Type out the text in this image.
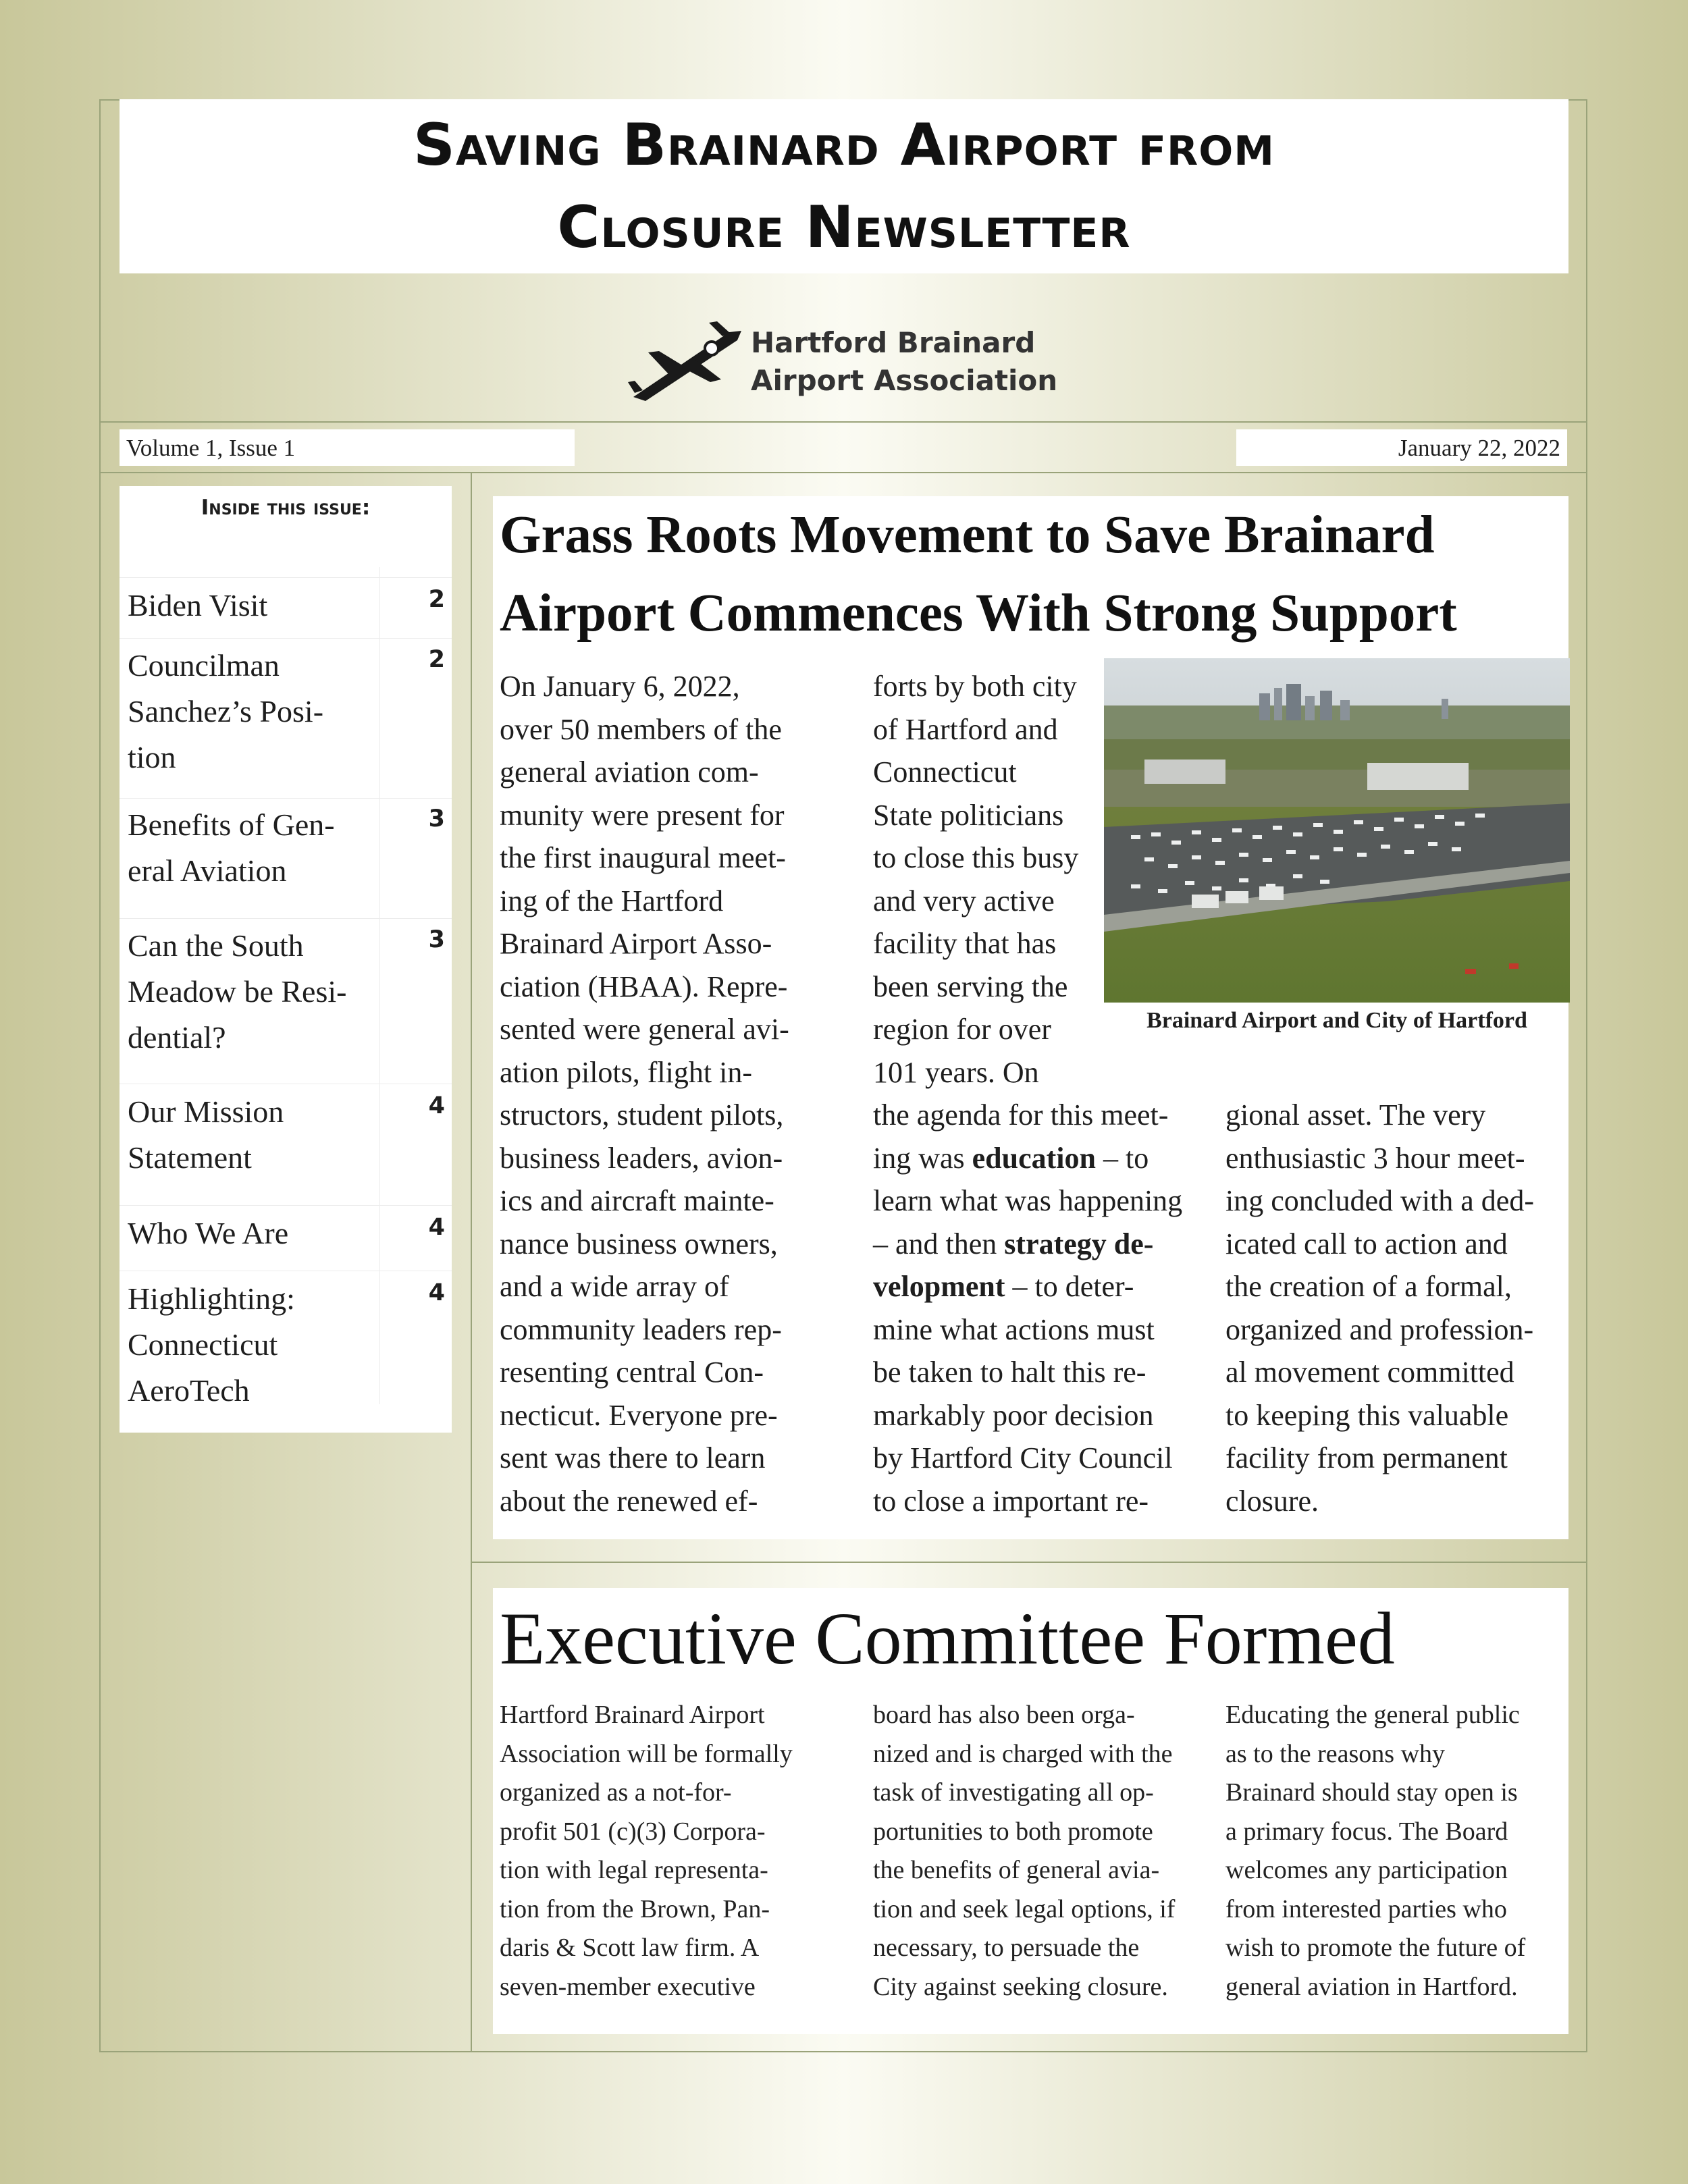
Saving Brainard Airport from
Closure Newsletter
Hartford Brainard
Airport Association
Volume 1, Issue 1	January 22, 2022
Inside this issue:
Biden Visit	2
Councilman
Sanchez’s Posi-
tion
2
Benefits of Gen-
eral Aviation
3
Can the South
Meadow be Resi-
dential?
3
Our Mission
Statement
4
Who We Are	4
Highlighting:
Connecticut
AeroTech
4
Grass Roots Movement to Save Brainard
Airport Commences With Strong Support

On January 6, 2022,
over 50 members of the
general aviation com-
munity were present for
the first inaugural meet-
ing of the Hartford
Brainard Airport Asso-
ciation (HBAA). Repre-
sented were general avi-
ation pilots, flight in-
structors, student pilots,
business leaders, avion-
ics and aircraft mainte-
nance business owners,
and a wide array of
community leaders rep-
resenting central Con-
necticut. Everyone pre-
sent was there to learn
about the renewed ef-

forts by both city
of Hartford and
Connecticut
State politicians
to close this busy
and very active
facility that has
been serving the
region for over
101 years. On

Brainard Airport and City of Hartford

the agenda for this meet-
ing was education – to
learn what was happening
– and then strategy de-
velopment – to deter-
mine what actions must
be taken to halt this re-
markably poor decision
by Hartford City Council
to close a important re-

gional asset. The very
enthusiastic 3 hour meet-
ing concluded with a ded-
icated call to action and
the creation of a formal,
organized and profession-
al movement committed
to keeping this valuable
facility from permanent
closure.

Executive Committee Formed

Hartford Brainard Airport
Association will be formally
organized as a not-for-
profit 501 (c)(3) Corpora-
tion with legal representa-
tion from the Brown, Pan-
daris & Scott law firm. A
seven-member executive

board has also been orga-
nized and is charged with the
task of investigating all op-
portunities to both promote
the benefits of general avia-
tion and seek legal options, if
necessary, to persuade the
City against seeking closure.

Educating the general public
as to the reasons why
Brainard should stay open is
a primary focus. The Board
welcomes any participation
from interested parties who
wish to promote the future of
general aviation in Hartford.
